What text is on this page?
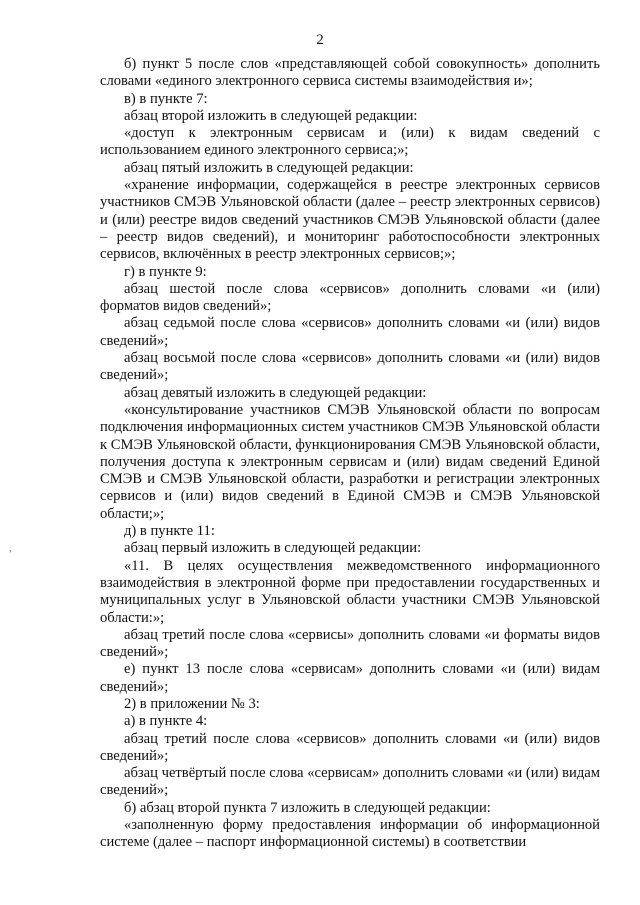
2
,

б) пункт 5 после слов «представляющей собой совокупность» дополнить словами «единого электронного сервиса системы взаимодействия и»;

в) в пункте 7:

абзац второй изложить в следующей редакции:

«доступ к электронным сервисам и (или) к видам сведений с использованием единого электронного сервиса;»;

абзац пятый изложить в следующей редакции:

«хранение информации, содержащейся в реестре электронных сервисов участников СМЭВ Ульяновской области (далее – реестр электронных сервисов) и (или) реестре видов сведений участников СМЭВ Ульяновской области (далее – реестр видов сведений), и мониторинг работоспособности электронных сервисов, включённых в реестр электронных сервисов;»;

г) в пункте 9:

абзац шестой после слова «сервисов» дополнить словами «и (или) форматов видов сведений»;

абзац седьмой после слова «сервисов» дополнить словами «и (или) видов сведений»;

абзац восьмой после слова «сервисов» дополнить словами «и (или) видов сведений»;

абзац девятый изложить в следующей редакции:

«консультирование участников СМЭВ Ульяновской области по вопросам подключения информационных систем участников СМЭВ Ульяновской области к СМЭВ Ульяновской области, функционирования СМЭВ Ульяновской области, получения доступа к электронным сервисам и (или) видам сведений Единой СМЭВ и СМЭВ Ульяновской области, разработки и регистрации электронных сервисов и (или) видов сведений в Единой СМЭВ и СМЭВ Ульяновской области;»;

д) в пункте 11:

абзац первый изложить в следующей редакции:

«11. В целях осуществления межведомственного информационного взаимодействия в электронной форме при предоставлении государственных и муниципальных услуг в Ульяновской области участники СМЭВ Ульяновской области:»;

абзац третий после слова «сервисы» дополнить словами «и форматы видов сведений»;

е) пункт 13 после слова «сервисам» дополнить словами «и (или) видам сведений»;

2) в приложении № 3:

а) в пункте 4:

абзац третий после слова «сервисов» дополнить словами «и (или) видов сведений»;

абзац четвёртый после слова «сервисам» дополнить словами «и (или) видам сведений»;

б) абзац второй пункта 7 изложить в следующей редакции:

«заполненную форму предоставления информации об информационной системе (далее – паспорт информационной системы) в соответствии
